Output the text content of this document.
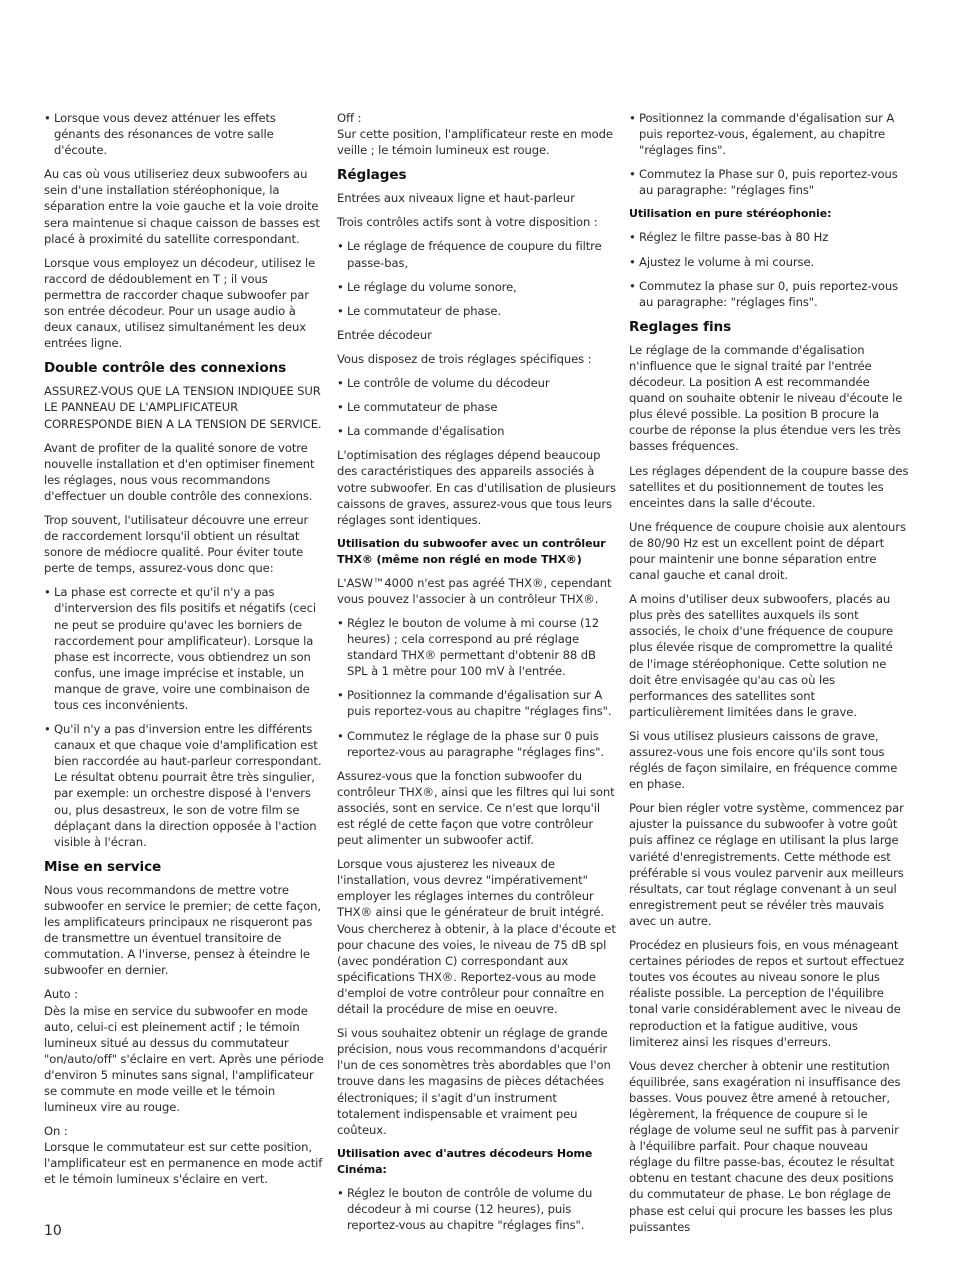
• Lorsque vous devez atténuer les effets génants des résonances de votre salle d'écoute.

Au cas où vous utiliseriez deux subwoofers au sein d'une installation stéréophonique, la séparation entre la voie gauche et la voie droite sera maintenue si chaque caisson de basses est placé à proximité du satellite correspondant.

Lorsque vous employez un décodeur, utilisez le raccord de dédoublement en T ; il vous permettra de raccorder chaque subwoofer par son entrée décodeur. Pour un usage audio à deux canaux, utilisez simultanément les deux entrées ligne.

Double contrôle des connexions

ASSUREZ-VOUS QUE LA TENSION INDIQUEE SUR LE PANNEAU DE L'AMPLIFICATEUR CORRESPONDE BIEN A LA TENSION DE SERVICE.

Avant de profiter de la qualité sonore de votre nouvelle installation et d'en optimiser finement les réglages, nous vous recommandons d'effectuer un double contrôle des connexions.

Trop souvent, l'utilisateur découvre une erreur de raccordement lorsqu'il obtient un résultat sonore de médiocre qualité. Pour éviter toute perte de temps, assurez-vous donc que:

• La phase est correcte et qu'il n'y a pas d'interversion des fils positifs et négatifs (ceci ne peut se produire qu'avec les borniers de raccordement pour amplificateur). Lorsque la phase est incorrecte, vous obtiendrez un son confus, une image imprécise et instable, un manque de grave, voire une combinaison de tous ces inconvénients.
• Qu'il n'y a pas d'inversion entre les différents canaux et que chaque voie d'amplification est bien raccordée au haut-parleur correspondant. Le résultat obtenu pourrait être très singulier, par exemple: un orchestre disposé à l'envers ou, plus desastreux, le son de votre film se déplaçant dans la direction opposée à l'action visible à l'écran.
Mise en service

Nous vous recommandons de mettre votre subwoofer en service le premier; de cette façon, les amplificateurs principaux ne risqueront pas de transmettre un éventuel transitoire de commutation. A l'inverse, pensez à éteindre le subwoofer en dernier.

Auto :
Dès la mise en service du subwoofer en mode auto, celui-ci est pleinement actif ; le témoin lumineux situé au dessus du commutateur "on/auto/off" s'éclaire en vert. Après une période d'environ 5 minutes sans signal, l'amplificateur se commute en mode veille et le témoin lumineux vire au rouge.

On :
Lorsque le commutateur est sur cette position, l'amplificateur est en permanence en mode actif et le témoin lumineux s'éclaire en vert.

Off :
Sur cette position, l'amplificateur reste en mode veille ; le témoin lumineux est rouge.

Réglages

Entrées aux niveaux ligne et haut-parleur

Trois contrôles actifs sont à votre disposition :

• Le réglage de fréquence de coupure du filtre passe-bas,
• Le réglage du volume sonore,
• Le commutateur de phase.

Entrée décodeur

Vous disposez de trois réglages spécifiques :

• Le contrôle de volume du décodeur
• Le commutateur de phase
• La commande d'égalisation

L'optimisation des réglages dépend beaucoup des caractéristiques des appareils associés à votre subwoofer. En cas d'utilisation de plusieurs caissons de graves, assurez-vous que tous leurs réglages sont identiques.

Utilisation du subwoofer avec un contrôleur THX® (même non réglé en mode THX®)

L'ASW™4000 n'est pas agréé THX®, cependant vous pouvez l'associer à un contrôleur THX®.

• Réglez le bouton de volume à mi course (12 heures) ; cela correspond au pré réglage standard THX® permettant d'obtenir 88 dB SPL à 1 mètre pour 100 mV à l'entrée.
• Positionnez la commande d'égalisation sur A puis reportez-vous au chapitre "réglages fins".
• Commutez le réglage de la phase sur 0 puis reportez-vous au paragraphe "réglages fins".

Assurez-vous que la fonction subwoofer du contrôleur THX®, ainsi que les filtres qui lui sont associés, sont en service. Ce n'est que lorqu'il est réglé de cette façon que votre contrôleur peut alimenter un subwoofer actif.

Lorsque vous ajusterez les niveaux de l'installation, vous devrez "impérativement" employer les réglages internes du contrôleur THX® ainsi que le générateur de bruit intégré. Vous chercherez à obtenir, à la place d'écoute et pour chacune des voies, le niveau de 75 dB spl (avec pondération C) correspondant aux spécifications THX®. Reportez-vous au mode d'emploi de votre contrôleur pour connaître en détail la procédure de mise en oeuvre.

Si vous souhaitez obtenir un réglage de grande précision, nous vous recommandons d'acquérir l'un de ces sonomètres très abordables que l'on trouve dans les magasins de pièces détachées électroniques; il s'agit d'un instrument totalement indispensable et vraiment peu coûteux.

Utilisation avec d'autres décodeurs Home Cinéma:
• Réglez le bouton de contrôle de volume du décodeur à mi course (12 heures), puis reportez-vous au chapitre "réglages fins".
• Positionnez la commande d'égalisation sur A puis reportez-vous, également, au chapitre "réglages fins".
• Commutez la Phase sur 0, puis reportez-vous au paragraphe: "réglages fins"
Utilisation en pure stéréophonie:
• Réglez le filtre passe-bas à 80 Hz
• Ajustez le volume à mi course.
• Commutez la phase sur 0, puis reportez-vous au paragraphe: "réglages fins".
Reglages fins

Le réglage de la commande d'égalisation n'influence que le signal traité par l'entrée décodeur. La position A est recommandée quand on souhaite obtenir le niveau d'écoute le plus élevé possible. La position B procure la courbe de réponse la plus étendue vers les très basses fréquences.

Les réglages dépendent de la coupure basse des satellites et du positionnement de toutes les enceintes dans la salle d'écoute.

Une fréquence de coupure choisie aux alentours de 80/90 Hz est un excellent point de départ pour maintenir une bonne séparation entre canal gauche et canal droit.

A moins d'utiliser deux subwoofers, placés au plus près des satellites auxquels ils sont associés, le choix d'une fréquence de coupure plus élevée risque de compromettre la qualité de l'image stéréophonique. Cette solution ne doit être envisagée qu'au cas où les performances des satellites sont particulièrement limitées dans le grave.

Si vous utilisez plusieurs caissons de grave, assurez-vous une fois encore qu'ils sont tous réglés de façon similaire, en fréquence comme en phase.

Pour bien régler votre système, commencez par ajuster la puissance du subwoofer à votre goût puis affinez ce réglage en utilisant la plus large variété d'enregistrements. Cette méthode est préférable si vous voulez parvenir aux meilleurs résultats, car tout réglage convenant à un seul enregistrement peut se révéler très mauvais avec un autre.

Procédez en plusieurs fois, en vous ménageant certaines périodes de repos et surtout effectuez toutes vos écoutes au niveau sonore le plus réaliste possible. La perception de l'équilibre tonal varie considérablement avec le niveau de reproduction et la fatigue auditive, vous limiterez ainsi les risques d'erreurs.

Vous devez chercher à obtenir une restitution équilibrée, sans exagération ni insuffisance des basses. Vous pouvez être amené à retoucher, légèrement, la fréquence de coupure si le réglage de volume seul ne suffit pas à parvenir à l'équilibre parfait. Pour chaque nouveau réglage du filtre passe-bas, écoutez le résultat obtenu en testant chacune des deux positions du commutateur de phase. Le bon réglage de phase est celui qui procure les basses les plus puissantes

10
